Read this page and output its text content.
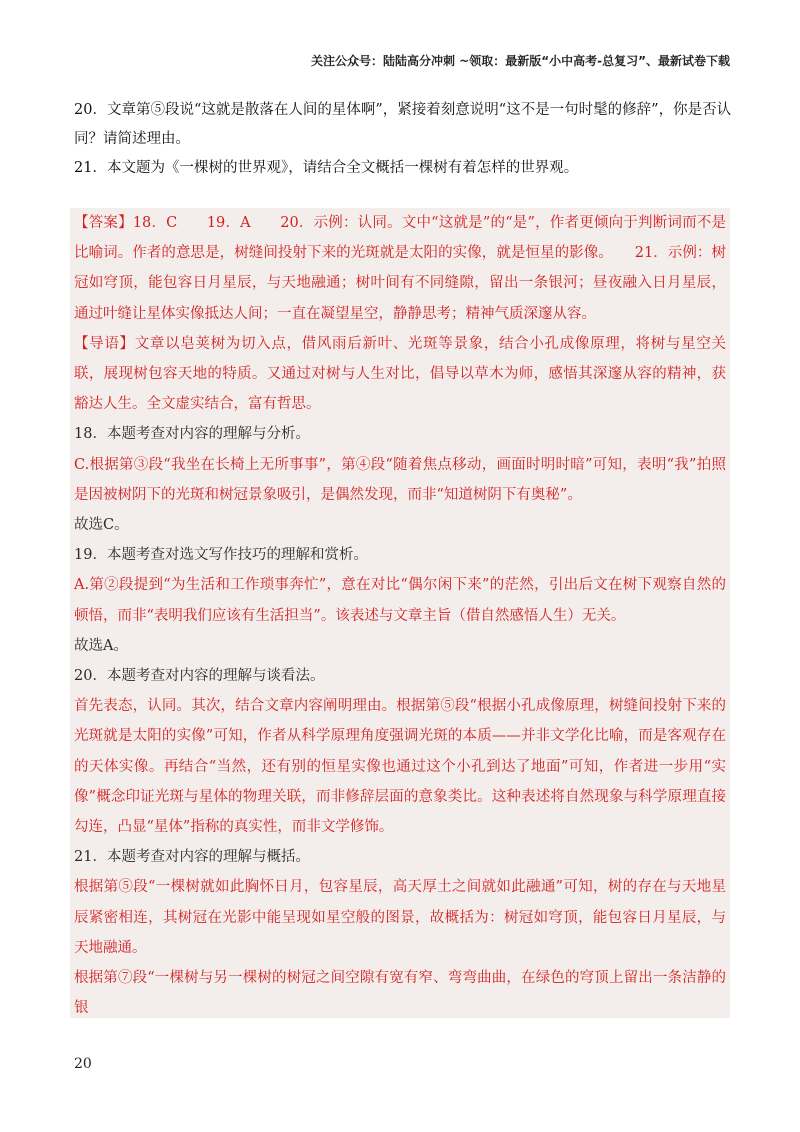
关注公众号：陆陆高分冲刺 ~领取：最新版“小中高考-总复习”、最新试卷下载

20．文章第⑤段说“这就是散落在人间的星体啊”，紧接着刻意说明“这不是一句时髦的修辞”，你是否认同？请简述理由。

21．本文题为《一棵树的世界观》，请结合全文概括一棵树有着怎样的世界观。

【答案】18．C　　19．A　　20．示例：认同。文中“这就是”的“是”，作者更倾向于判断词而不是比喻词。作者的意思是，树缝间投射下来的光斑就是太阳的实像，就是恒星的影像。　　21．示例：树冠如穹顶，能包容日月星辰，与天地融通；树叶间有不同缝隙，留出一条银河；昼夜融入日月星辰，通过叶缝让星体实像抵达人间；一直在凝望星空，静静思考；精神气质深邃从容。

【导语】文章以皂荚树为切入点，借风雨后新叶、光斑等景象，结合小孔成像原理，将树与星空关联，展现树包容天地的特质。又通过对树与人生对比，倡导以草木为师，感悟其深邃从容的精神，获豁达人生。全文虚实结合，富有哲思。

18．本题考查对内容的理解与分析。

C.根据第③段“我坐在长椅上无所事事”，第④段“随着焦点移动，画面时明时暗”可知，表明“我”拍照是因被树阴下的光斑和树冠景象吸引，是偶然发现，而非“知道树阴下有奥秘”。

故选C。

19．本题考查对选文写作技巧的理解和赏析。

A.第②段提到“为生活和工作琐事奔忙”，意在对比“偶尔闲下来”的茫然，引出后文在树下观察自然的顿悟，而非“表明我们应该有生活担当”。该表述与文章主旨（借自然感悟人生）无关。

故选A。

20．本题考查对内容的理解与谈看法。

首先表态，认同。其次，结合文章内容阐明理由。根据第⑤段“根据小孔成像原理，树缝间投射下来的光斑就是太阳的实像”可知，作者从科学原理角度强调光斑的本质——并非文学化比喻，而是客观存在的天体实像。再结合“当然，还有别的恒星实像也通过这个小孔到达了地面”可知，作者进一步用“实像”概念印证光斑与星体的物理关联，而非修辞层面的意象类比。这种表述将自然现象与科学原理直接勾连，凸显“星体”指称的真实性，而非文学修饰。

21．本题考查对内容的理解与概括。

根据第⑤段“一棵树就如此胸怀日月，包容星辰，高天厚土之间就如此融通”可知，树的存在与天地星辰紧密相连，其树冠在光影中能呈现如星空般的图景，故概括为：树冠如穹顶，能包容日月星辰，与天地融通。

根据第⑦段“一棵树与另一棵树的树冠之间空隙有宽有窄、弯弯曲曲，在绿色的穹顶上留出一条洁静的银

20
